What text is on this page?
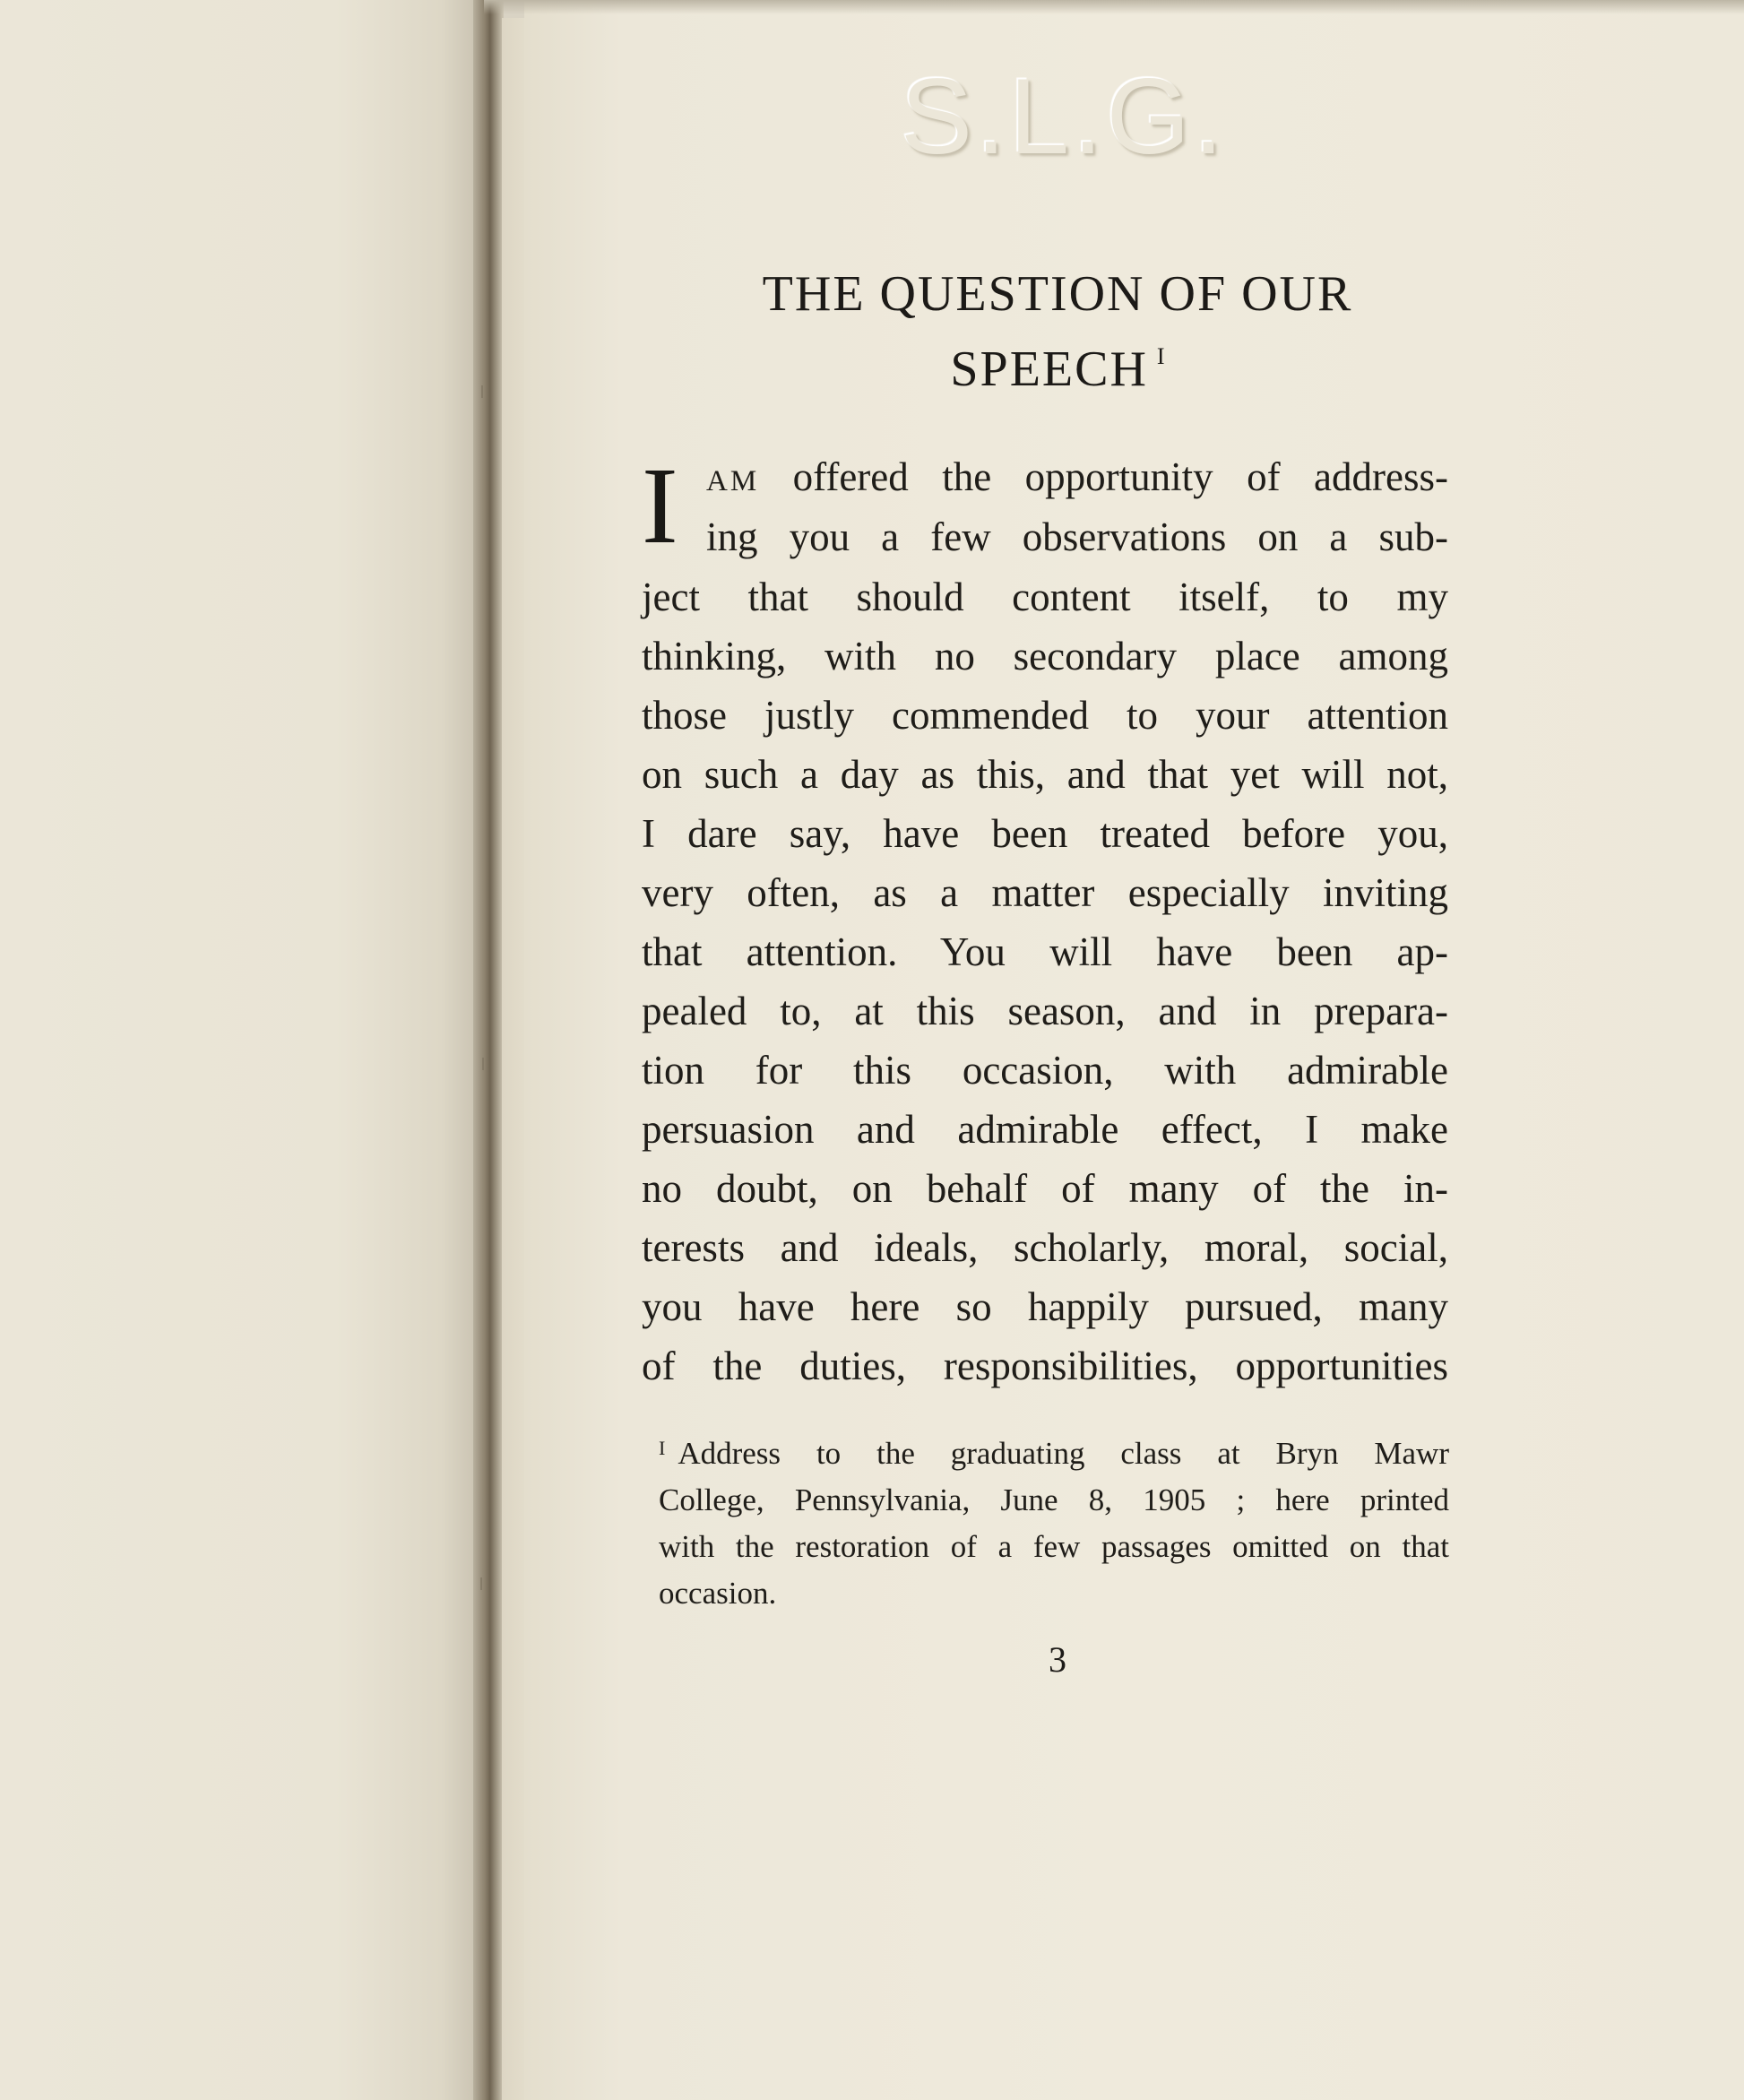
S.L.G.
THE QUESTION OF OUR
SPEECH $^I$
I AM offered the opportunity of address-
ing you a few observations on a sub-
ject that should content itself, to my
thinking, with no secondary place among
those justly commended to your attention
on such a day as this, and that yet will not,
I dare say, have been treated before you,
very often, as a matter especially inviting
that attention. You will have been ap-
pealed to, at this season, and in prepara-
tion for this occasion, with admirable
persuasion and admirable effect, I make
no doubt, on behalf of many of the in-
terests and ideals, scholarly, moral, social,
you have here so happily pursued, many
of the duties, responsibilities, opportunities
$^I$ Address to the graduating class at Bryn Mawr
College, Pennsylvania, June 8, 1905 ; here printed
with the restoration of a few passages omitted on that
occasion.
3
